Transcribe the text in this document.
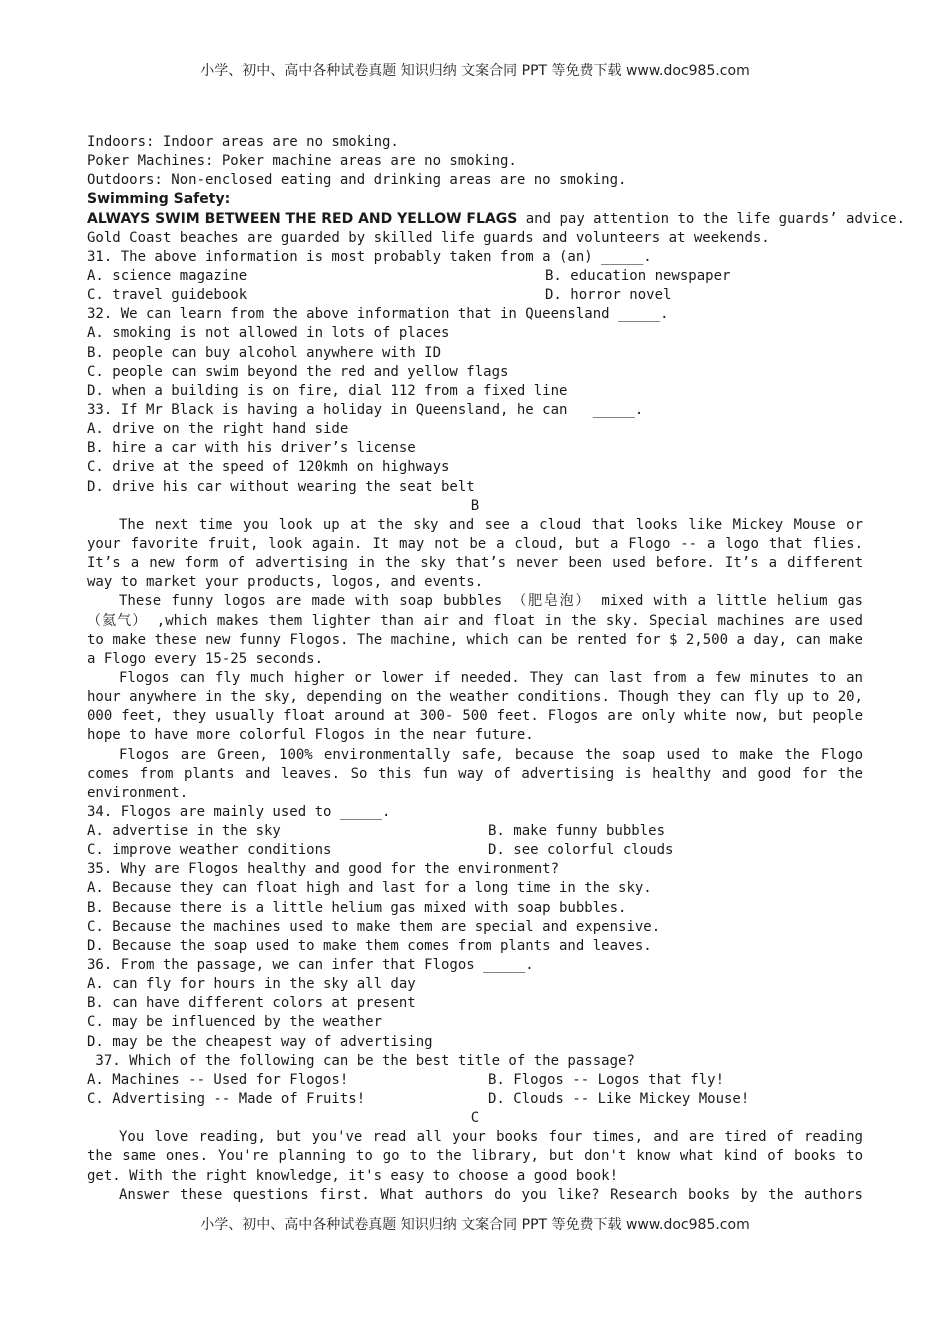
小学、初中、高中各种试卷真题 知识归纳 文案合同 PPT 等免费下载 www.doc985.com
Indoors: Indoor areas are no smoking.
Poker Machines: Poker machine areas are no smoking.
Outdoors: Non-enclosed eating and drinking areas are no smoking.
Swimming Safety:
ALWAYS SWIM BETWEEN THE RED AND YELLOW FLAGS and pay attention to the life guards’ advice.
Gold Coast beaches are guarded by skilled life guards and volunteers at weekends.
31. The above information is most probably taken from a (an) _____.
A. science magazine	B. education newspaper
C. travel guidebook	D. horror novel
32. We can learn from the above information that in Queensland _____.
A. smoking is not allowed in lots of places
B. people can buy alcohol anywhere with ID
C. people can swim beyond the red and yellow flags
D. when a building is on fire, dial 112 from a fixed line
33. If Mr Black is having a holiday in Queensland, he can   _____.
A. drive on the right hand side
B. hire a car with his driver’s license
C. drive at the speed of 120kmh on highways
D. drive his car without wearing the seat belt
B
The next time you look up at the sky and see a cloud that looks like Mickey Mouse or
your favorite fruit, look again. It may not be a cloud, but a Flogo -- a logo that flies.
It’s a new form of advertising in the sky that’s never been used before. It’s a different
way to market your products, logos, and events.
These funny logos are made with soap bubbles （肥皂泡） mixed with a little helium gas
（氦气） ,which makes them lighter than air and float in the sky. Special machines are used
to make these new funny Flogos. The machine, which can be rented for $ 2,500 a day, can make
a Flogo every 15-25 seconds.
Flogos can fly much higher or lower if needed. They can last from a few minutes to an
hour anywhere in the sky, depending on the weather conditions. Though they can fly up to 20,
000 feet, they usually float around at 300- 500 feet. Flogos are only white now, but people
hope to have more colorful Flogos in the near future.
Flogos are Green, 100% environmentally safe, because the soap used to make the Flogo
comes from plants and leaves. So this fun way of advertising is healthy and good for the
environment.
34. Flogos are mainly used to _____.
A. advertise in the sky	B. make funny bubbles
C. improve weather conditions	D. see colorful clouds
35. Why are Flogos healthy and good for the environment?
A. Because they can float high and last for a long time in the sky.
B. Because there is a little helium gas mixed with soap bubbles.
C. Because the machines used to make them are special and expensive.
D. Because the soap used to make them comes from plants and leaves.
36. From the passage, we can infer that Flogos _____.
A. can fly for hours in the sky all day
B. can have different colors at present
C. may be influenced by the weather
D. may be the cheapest way of advertising
37. Which of the following can be the best title of the passage?
A. Machines -- Used for Flogos!	B. Flogos -- Logos that fly!
C. Advertising -- Made of Fruits!	D. Clouds -- Like Mickey Mouse!
C
You love reading, but you've read all your books four times, and are tired of reading
the same ones. You're planning to go to the library, but don't know what kind of books to
get. With the right knowledge, it's easy to choose a good book!
Answer these questions first. What authors do you like? Research books by the authors
小学、初中、高中各种试卷真题 知识归纳 文案合同 PPT 等免费下载 www.doc985.com
